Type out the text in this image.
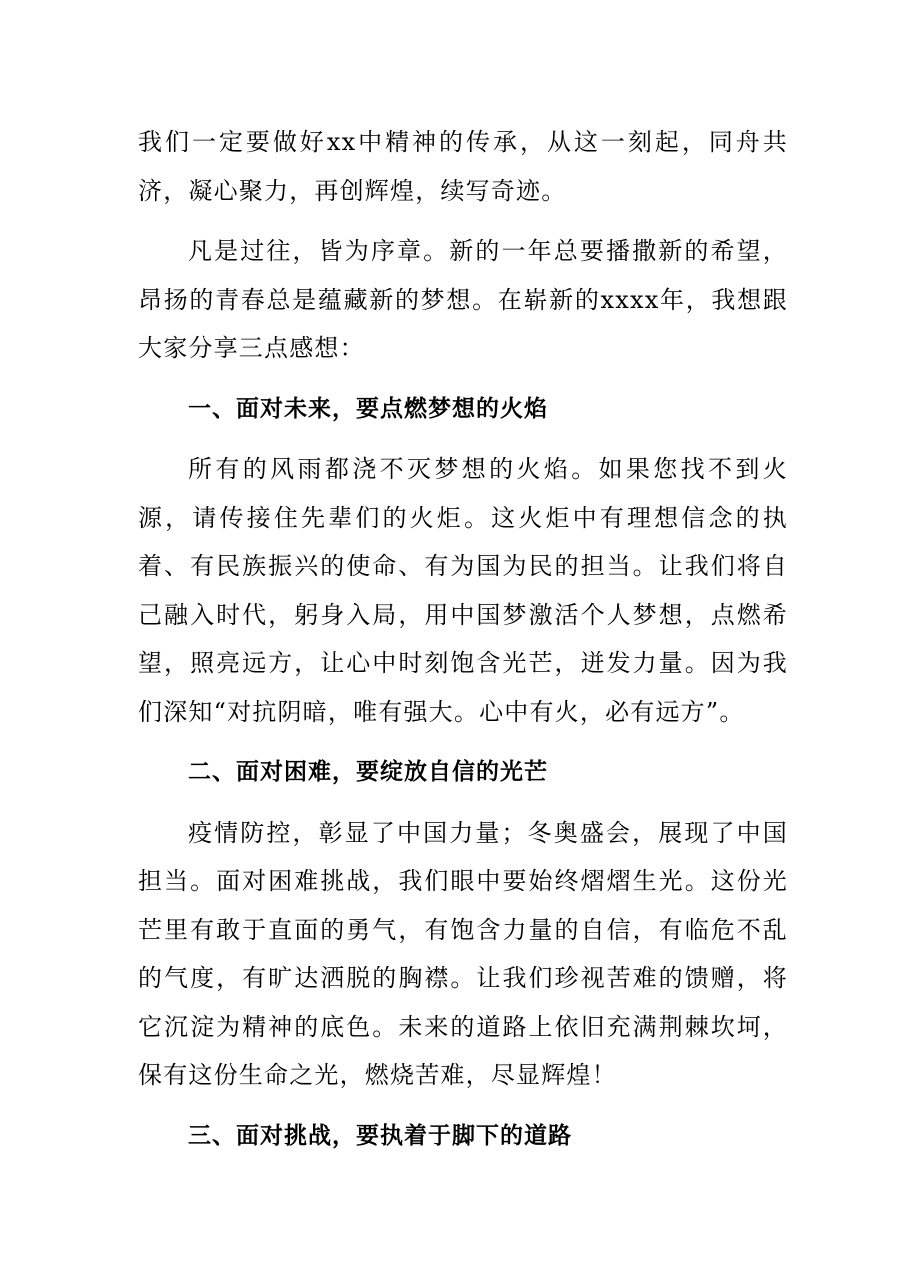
我们一定要做好xx中精神的传承，从这一刻起，同舟共济，凝心聚力，再创辉煌，续写奇迹。

凡是过往，皆为序章。新的一年总要播撒新的希望，昂扬的青春总是蕴藏新的梦想。在崭新的xxxx年，我想跟大家分享三点感想：

一、面对未来，要点燃梦想的火焰

所有的风雨都浇不灭梦想的火焰。如果您找不到火源，请传接住先辈们的火炬。这火炬中有理想信念的执着、有民族振兴的使命、有为国为民的担当。让我们将自己融入时代，躬身入局，用中国梦激活个人梦想，点燃希望，照亮远方，让心中时刻饱含光芒，迸发力量。因为我们深知“对抗阴暗，唯有强大。心中有火，必有远方”。

二、面对困难，要绽放自信的光芒

疫情防控，彰显了中国力量；冬奥盛会，展现了中国担当。面对困难挑战，我们眼中要始终熠熠生光。这份光芒里有敢于直面的勇气，有饱含力量的自信，有临危不乱的气度，有旷达洒脱的胸襟。让我们珍视苦难的馈赠，将它沉淀为精神的底色。未来的道路上依旧充满荆棘坎坷，保有这份生命之光，燃烧苦难，尽显辉煌！

三、面对挑战，要执着于脚下的道路
